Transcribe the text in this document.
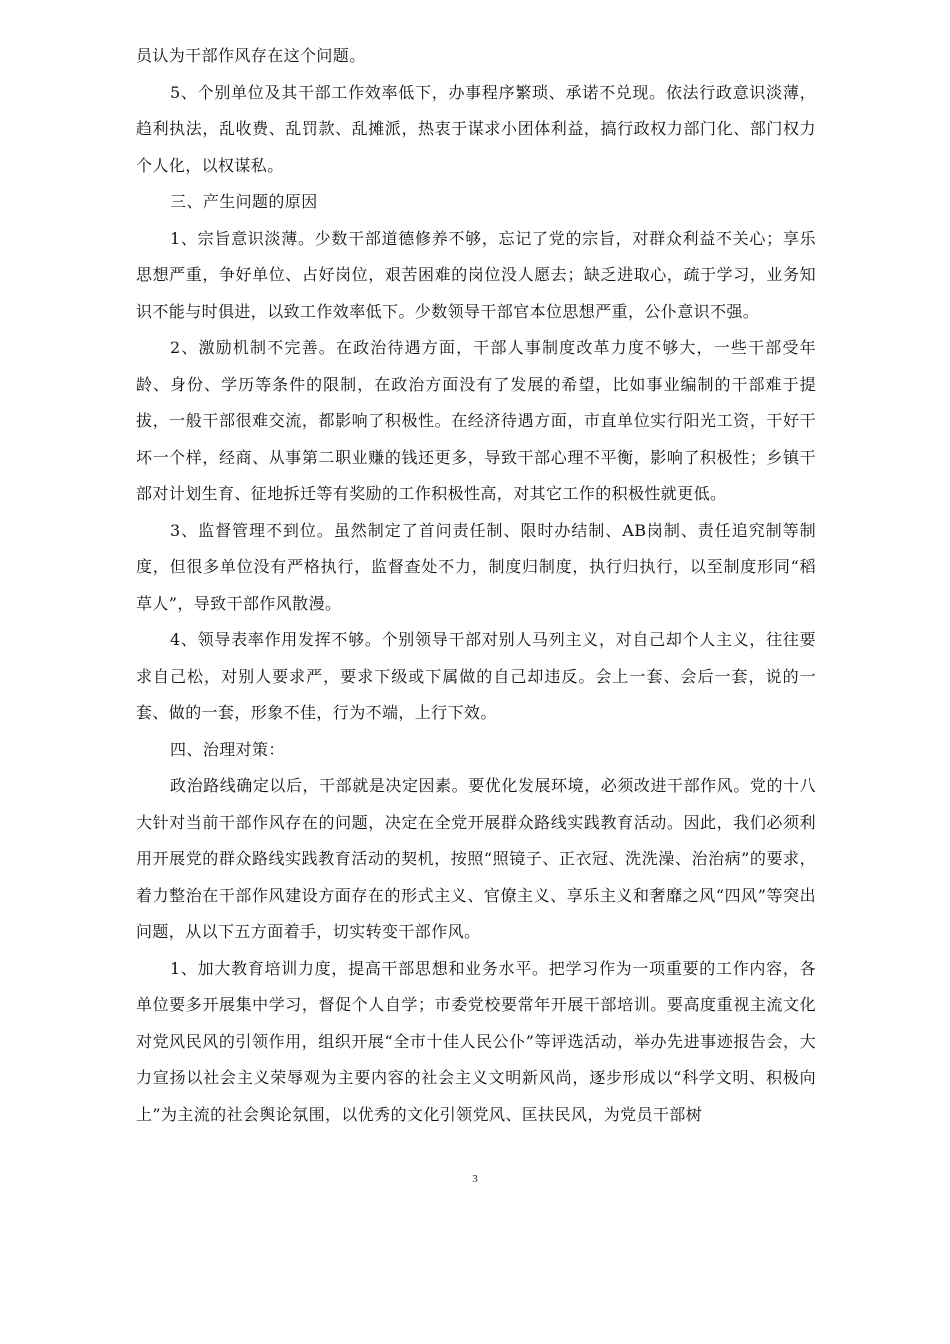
员认为干部作风存在这个问题。

5、个别单位及其干部工作效率低下，办事程序繁琐、承诺不兑现。依法行政意识淡薄，趋利执法，乱收费、乱罚款、乱摊派，热衷于谋求小团体利益，搞行政权力部门化、部门权力个人化，以权谋私。

三、产生问题的原因

1、宗旨意识淡薄。少数干部道德修养不够，忘记了党的宗旨，对群众利益不关心；享乐思想严重，争好单位、占好岗位，艰苦困难的岗位没人愿去；缺乏进取心，疏于学习，业务知识不能与时俱进，以致工作效率低下。少数领导干部官本位思想严重，公仆意识不强。

2、激励机制不完善。在政治待遇方面，干部人事制度改革力度不够大，一些干部受年龄、身份、学历等条件的限制，在政治方面没有了发展的希望，比如事业编制的干部难于提拔，一般干部很难交流，都影响了积极性。在经济待遇方面，市直单位实行阳光工资，干好干坏一个样，经商、从事第二职业赚的钱还更多，导致干部心理不平衡，影响了积极性；乡镇干部对计划生育、征地拆迁等有奖励的工作积极性高，对其它工作的积极性就更低。

3、监督管理不到位。虽然制定了首问责任制、限时办结制、AB岗制、责任追究制等制度，但很多单位没有严格执行，监督查处不力，制度归制度，执行归执行，以至制度形同“稻草人”，导致干部作风散漫。

4、领导表率作用发挥不够。个别领导干部对别人马列主义，对自己却个人主义，往往要求自己松，对别人要求严，要求下级或下属做的自己却违反。会上一套、会后一套，说的一套、做的一套，形象不佳，行为不端，上行下效。

四、治理对策：

政治路线确定以后，干部就是决定因素。要优化发展环境，必须改进干部作风。党的十八大针对当前干部作风存在的问题，决定在全党开展群众路线实践教育活动。因此，我们必须利用开展党的群众路线实践教育活动的契机，按照“照镜子、正衣冠、洗洗澡、治治病”的要求，着力整治在干部作风建设方面存在的形式主义、官僚主义、享乐主义和奢靡之风“四风”等突出问题，从以下五方面着手，切实转变干部作风。

1、加大教育培训力度，提高干部思想和业务水平。把学习作为一项重要的工作内容，各单位要多开展集中学习，督促个人自学；市委党校要常年开展干部培训。要高度重视主流文化对党风民风的引领作用，组织开展“全市十佳人民公仆”等评选活动，举办先进事迹报告会，大力宣扬以社会主义荣辱观为主要内容的社会主义文明新风尚，逐步形成以“科学文明、积极向上”为主流的社会舆论氛围，以优秀的文化引领党风、匡扶民风，为党员干部树

3
